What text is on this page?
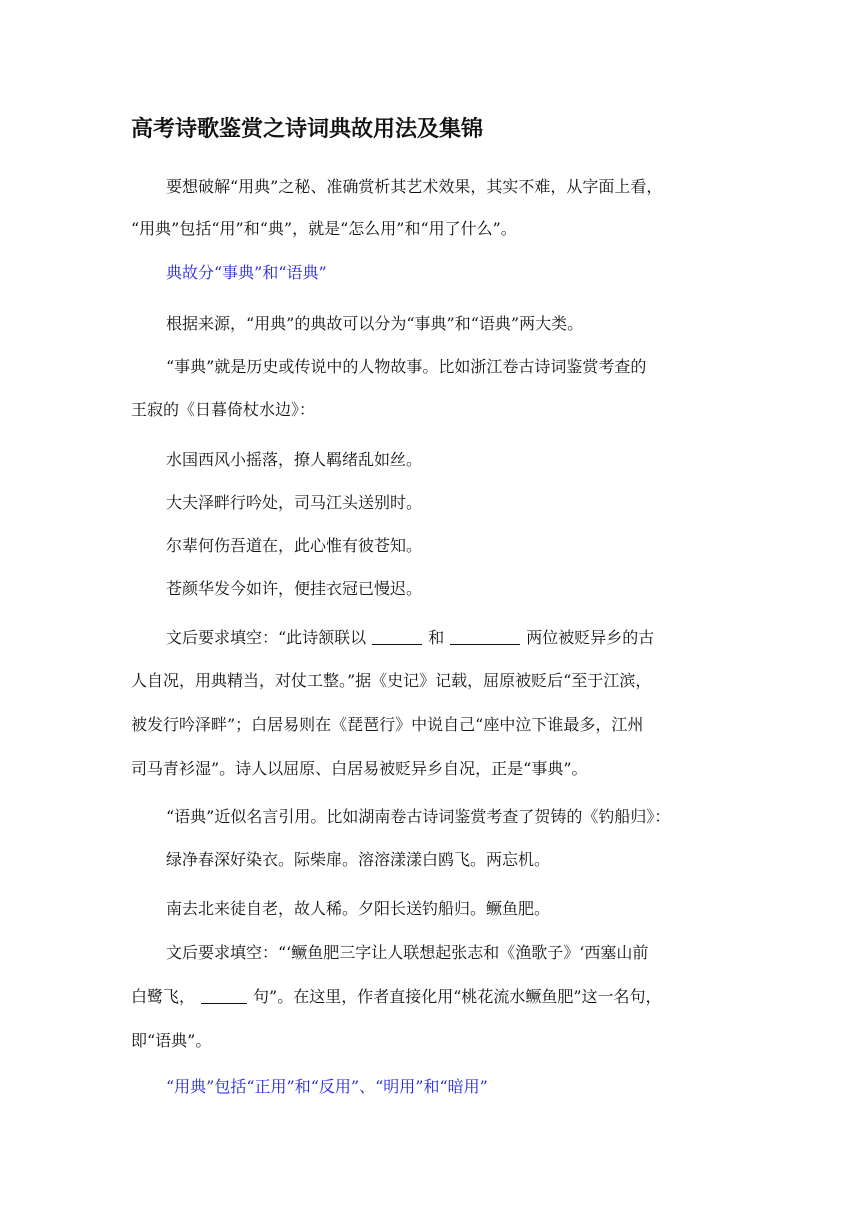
高考诗歌鉴赏之诗词典故用法及集锦

要想破解“用典”之秘、准确赏析其艺术效果，其实不难，从字面上看，

“用典”包括“用”和“典”，就是“怎么用”和“用了什么”。

典故分“事典”和“语典”

根据来源，“用典”的典故可以分为“事典”和“语典”两大类。

“事典”就是历史或传说中的人物故事。比如浙江卷古诗词鉴赏考查的

王寂的《日暮倚杖水边》：

水国西风小摇落，撩人羁绪乱如丝。

大夫泽畔行吟处，司马江头送别时。

尔辈何伤吾道在，此心惟有彼苍知。

苍颜华发今如许，便挂衣冠已慢迟。

文后要求填空：“此诗颔联以	和	两位被贬异乡的古

人自况，用典精当，对仗工整。”据《史记》记载，屈原被贬后“至于江滨，

被发行吟泽畔”；白居易则在《琵琶行》中说自己“座中泣下谁最多，江州

司马青衫湿”。诗人以屈原、白居易被贬异乡自况，正是“事典”。

“语典”近似名言引用。比如湖南卷古诗词鉴赏考查了贺铸的《钓船归》：

绿净春深好染衣。际柴扉。溶溶漾漾白鸥飞。两忘机。

南去北来徒自老，故人稀。夕阳长送钓船归。鳜鱼肥。

文后要求填空：“‘鳜鱼肥三字让人联想起张志和《渔歌子》‘西塞山前

白鹭飞，	句”。在这里，作者直接化用“桃花流水鳜鱼肥”这一名句，

即“语典”。

“用典”包括“正用”和“反用”、“明用”和“暗用”
